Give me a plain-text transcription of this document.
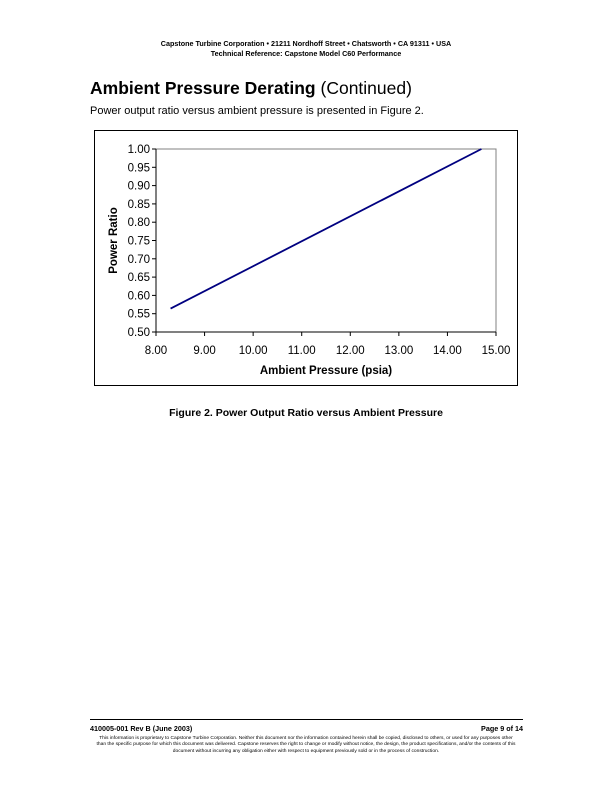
Capstone Turbine Corporation • 21211 Nordhoff Street • Chatsworth • CA 91311 • USA
Technical Reference: Capstone Model C60 Performance
Ambient Pressure Derating (Continued)
Power output ratio versus ambient pressure is presented in Figure 2.
0.50
0.55
0.60
0.65
0.70
0.75
0.80
0.85
0.90
0.95
1.00
8.00 9.00 10.00 11.00 12.00 13.00 14.00 15.00
Ambient Pressure (psia)
Power Ratio
Figure 2. Power Output Ratio versus Ambient Pressure
410005-001 Rev B (June 2003)	Page 9 of 14
This information is proprietary to Capstone Turbine Corporation. Neither this document nor the information contained herein shall be copied, disclosed to others, or used for any purposes other than the specific purpose for which this document was delivered. Capstone reserves the right to change or modify without notice, the design, the product specifications, and/or the contents of this document without incurring any obligation either with respect to equipment previously sold or in the process of construction.
